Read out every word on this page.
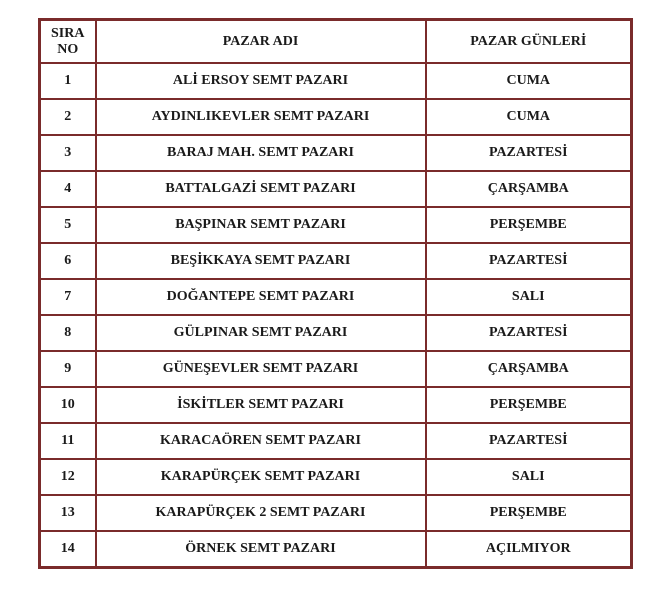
SIRA
NO	PAZAR ADI	PAZAR GÜNLERİ
1	ALİ ERSOY SEMT PAZARI	CUMA
2	AYDINLIKEVLER SEMT PAZARI	CUMA
3	BARAJ MAH. SEMT PAZARI	PAZARTESİ
4	BATTALGAZİ SEMT PAZARI	ÇARŞAMBA
5	BAŞPINAR SEMT PAZARI	PERŞEMBE
6	BEŞİKKAYA SEMT PAZARI	PAZARTESİ
7	DOĞANTEPE SEMT PAZARI	SALI
8	GÜLPINAR SEMT PAZARI	PAZARTESİ
9	GÜNEŞEVLER SEMT PAZARI	ÇARŞAMBA
10	İSKİTLER SEMT PAZARI	PERŞEMBE
11	KARACAÖREN SEMT PAZARI	PAZARTESİ
12	KARAPÜRÇEK SEMT PAZARI	SALI
13	KARAPÜRÇEK 2 SEMT PAZARI	PERŞEMBE
14	ÖRNEK SEMT PAZARI	AÇILMIYOR
